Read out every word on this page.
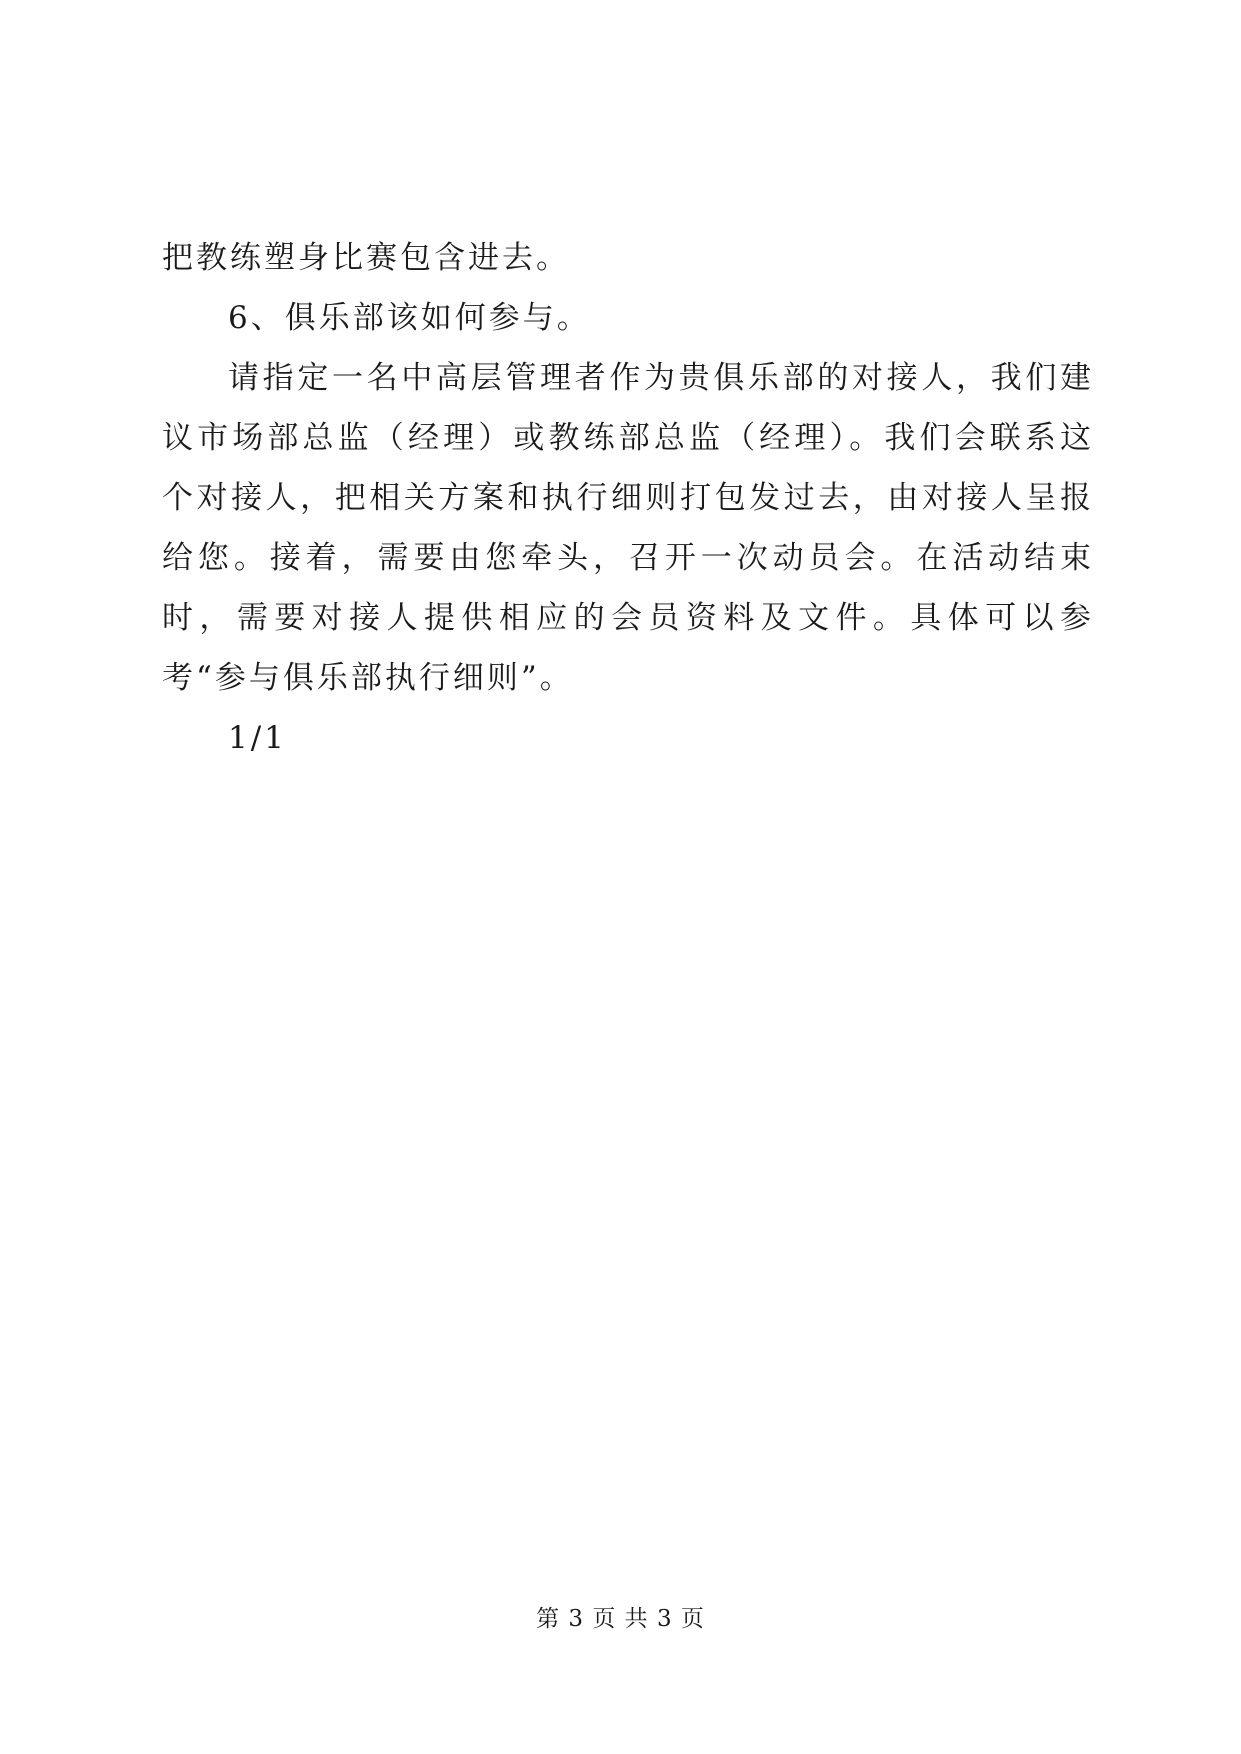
把教练塑身比赛包含进去。

6、俱乐部该如何参与。

请指定一名中高层管理者作为贵俱乐部的对接人，我们建议市场部总监（经理）或教练部总监（经理）。我们会联系这个对接人，把相关方案和执行细则打包发过去，由对接人呈报给您。接着，需要由您牵头，召开一次动员会。在活动结束时，需要对接人提供相应的会员资料及文件。具体可以参考“参与俱乐部执行细则”。

1/1

第 3 页 共 3 页
